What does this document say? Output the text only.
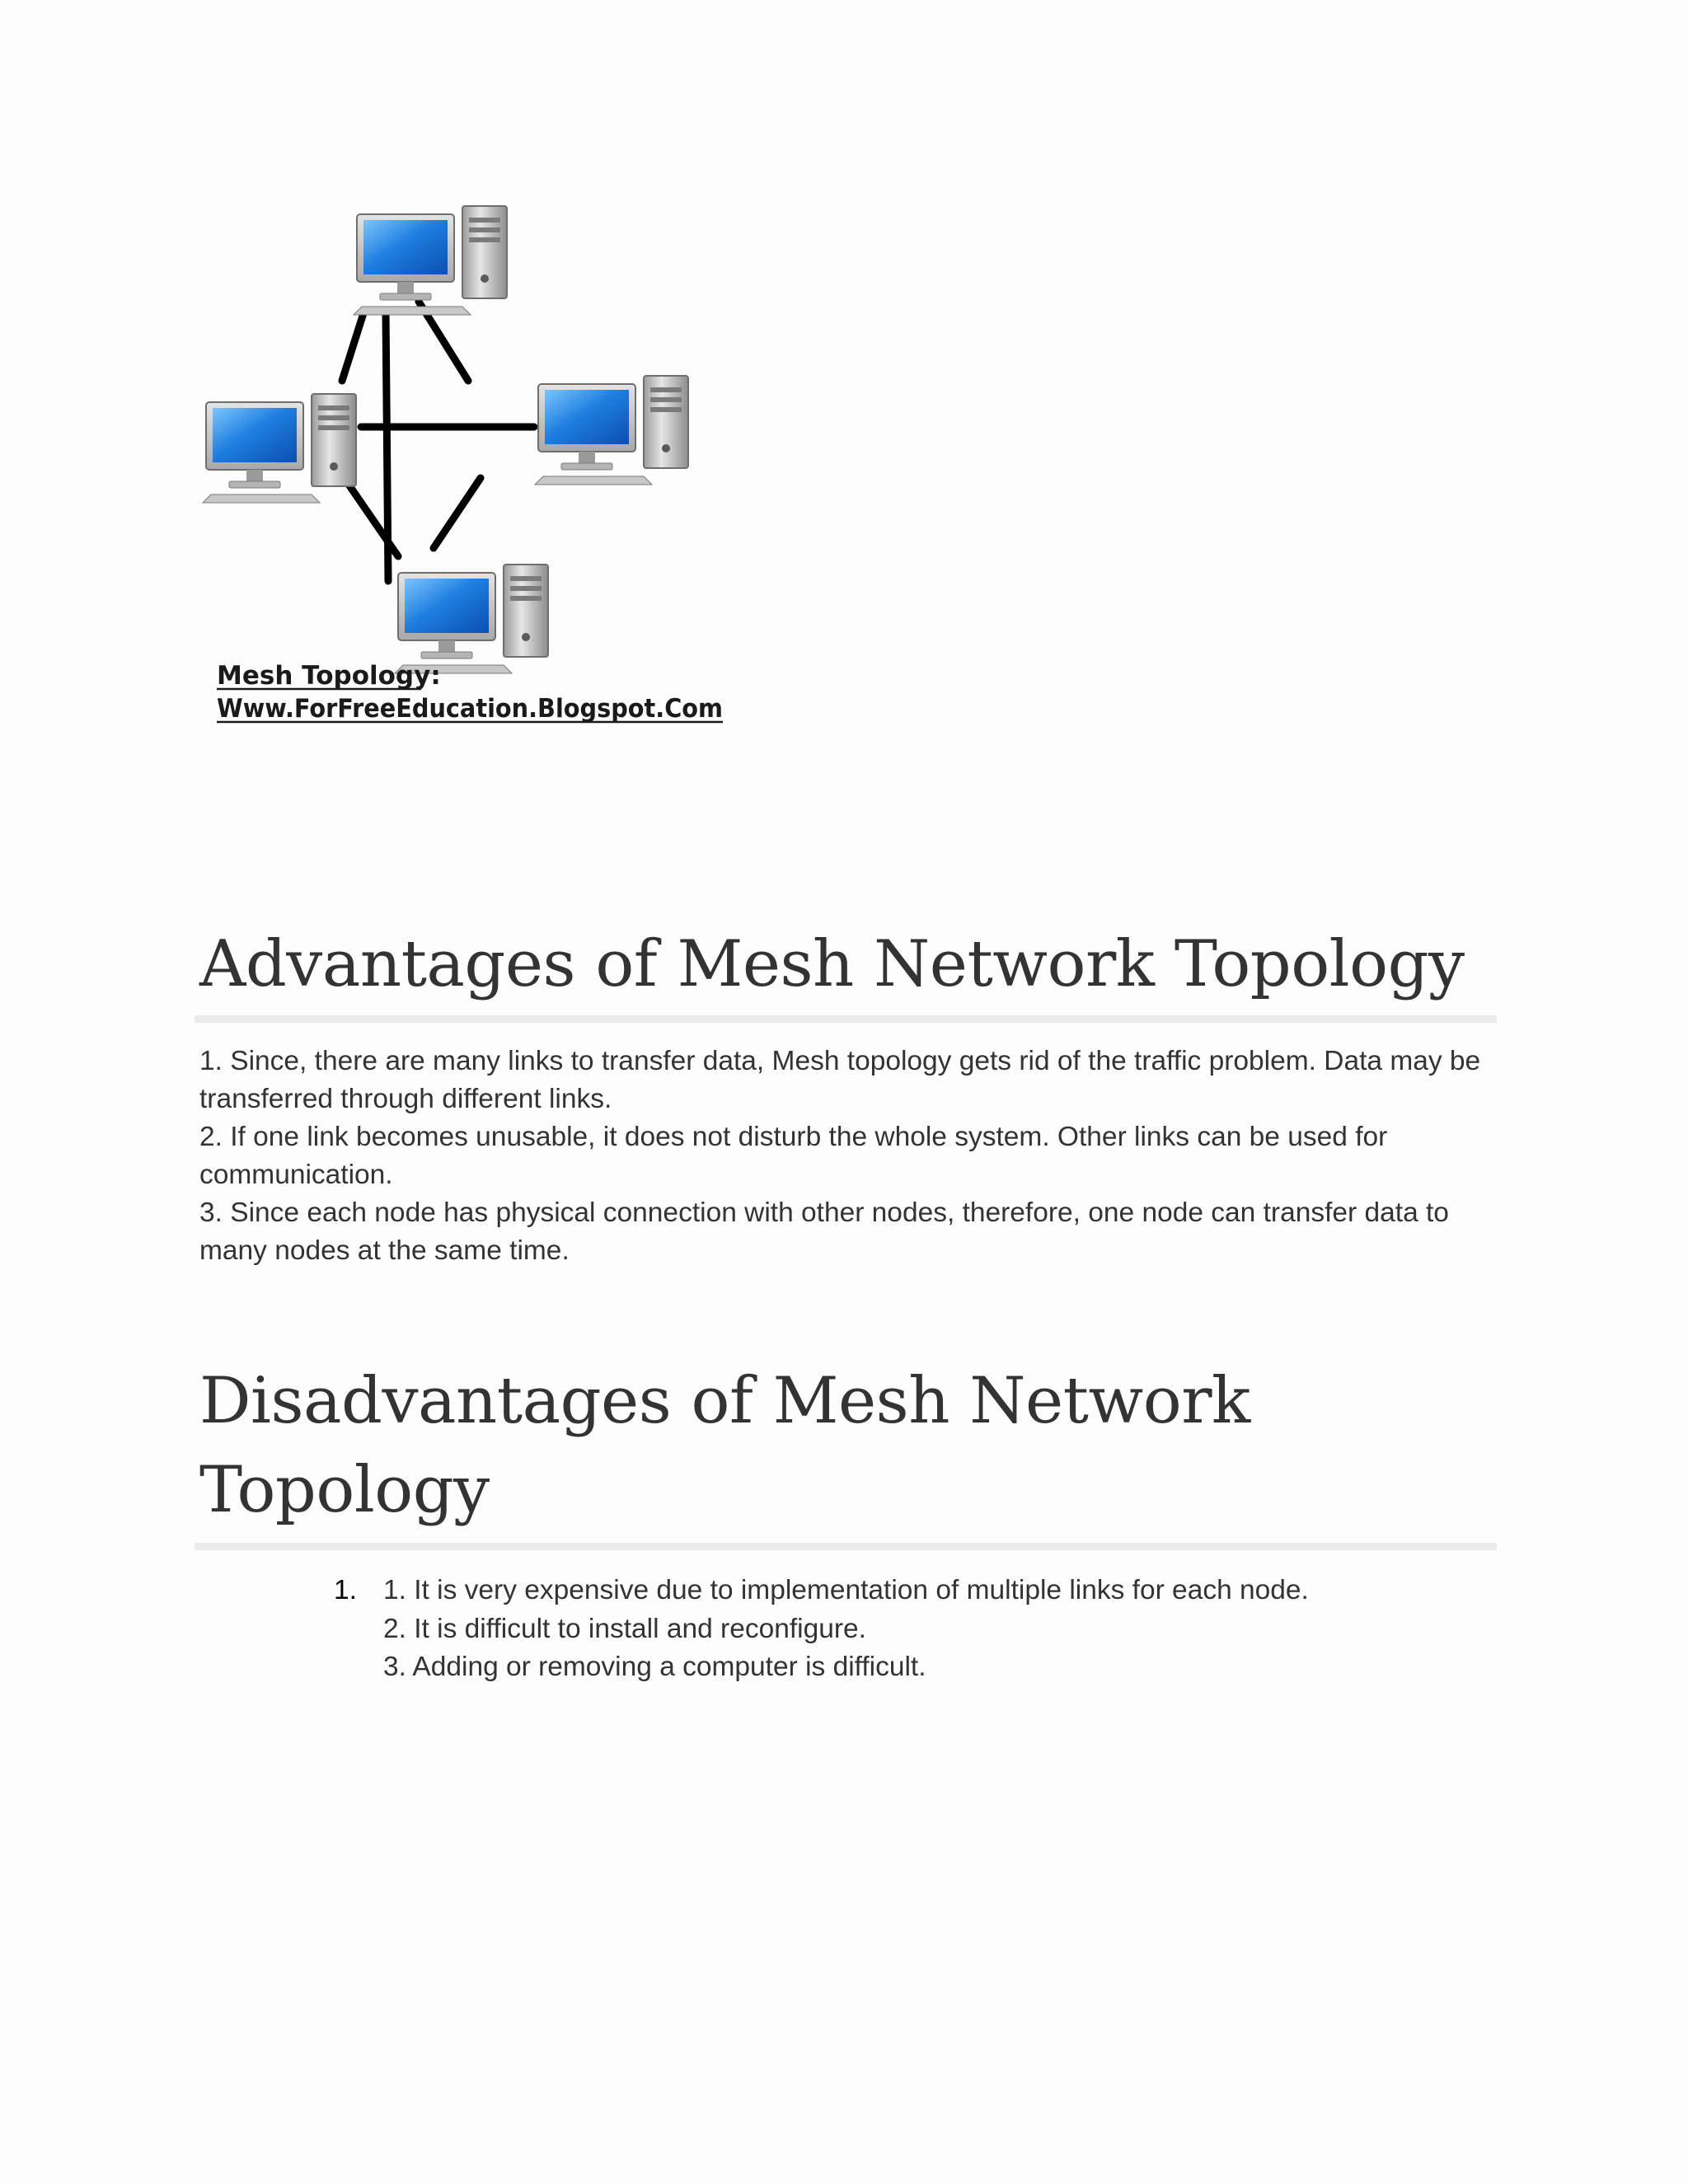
Mesh Topology:
Www.ForFreeEducation.Blogspot.Com
Advantages of Mesh Network Topology

1. Since, there are many links to transfer data, Mesh topology gets rid of the traffic problem. Data may be transferred through different links.

2. If one link becomes unusable, it does not disturb the whole system. Other links can be used for communication.

3. Since each node has physical connection with other nodes, therefore, one node can transfer data to many nodes at the same time.

Disadvantages of Mesh Network Topology
1. 1. It is very expensive due to implementation of multiple links for each node.
2. It is difficult to install and reconfigure.
3. Adding or removing a computer is difficult.
